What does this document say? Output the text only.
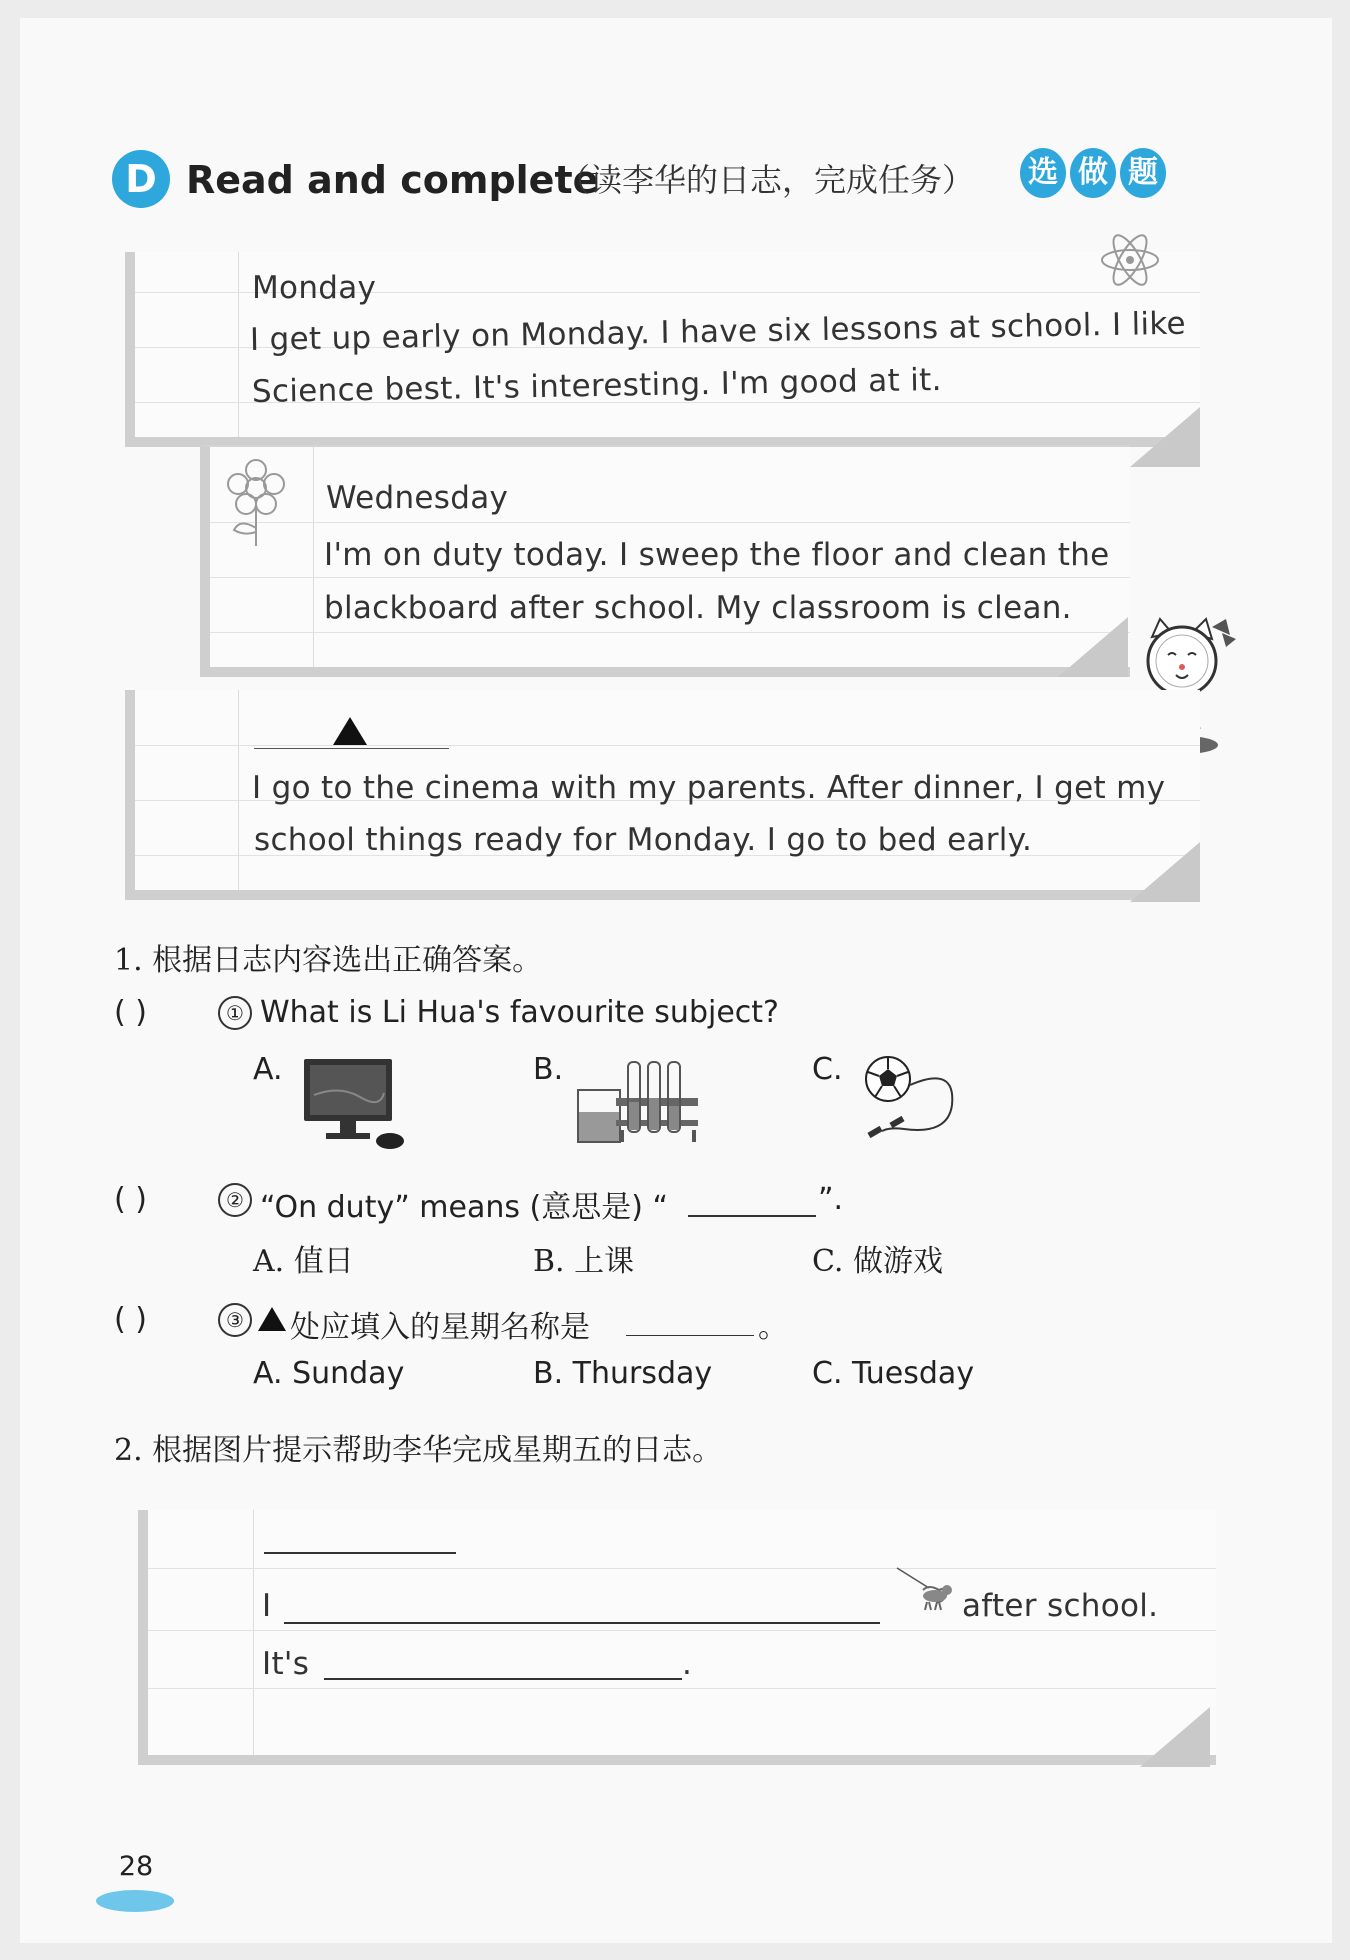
D Read and complete
（读李华的日志，完成任务） 选 做 题
Monday
I get up early on Monday. I have six lessons at school. I like
Science best. It's interesting. I'm good at it.
Wednesday
I'm on duty today. I sweep the floor and clean the
blackboard after school. My classroom is clean.
I go to the cinema with my parents. After dinner, I get my
school things ready for Monday. I go to bed early.
1. 根据日志内容选出正确答案。
( )	① What is Li Hua's favourite subject?
A.	B.	C.
( )	② “On duty” means (意思是) “	”.
A. 值日	B. 上课	C. 做游戏
( )	③ 处应填入的星期名称是	。
A. Sunday	B. Thursday	C. Tuesday
2. 根据图片提示帮助李华完成星期五的日志。
I	after school.
It's	.
28
